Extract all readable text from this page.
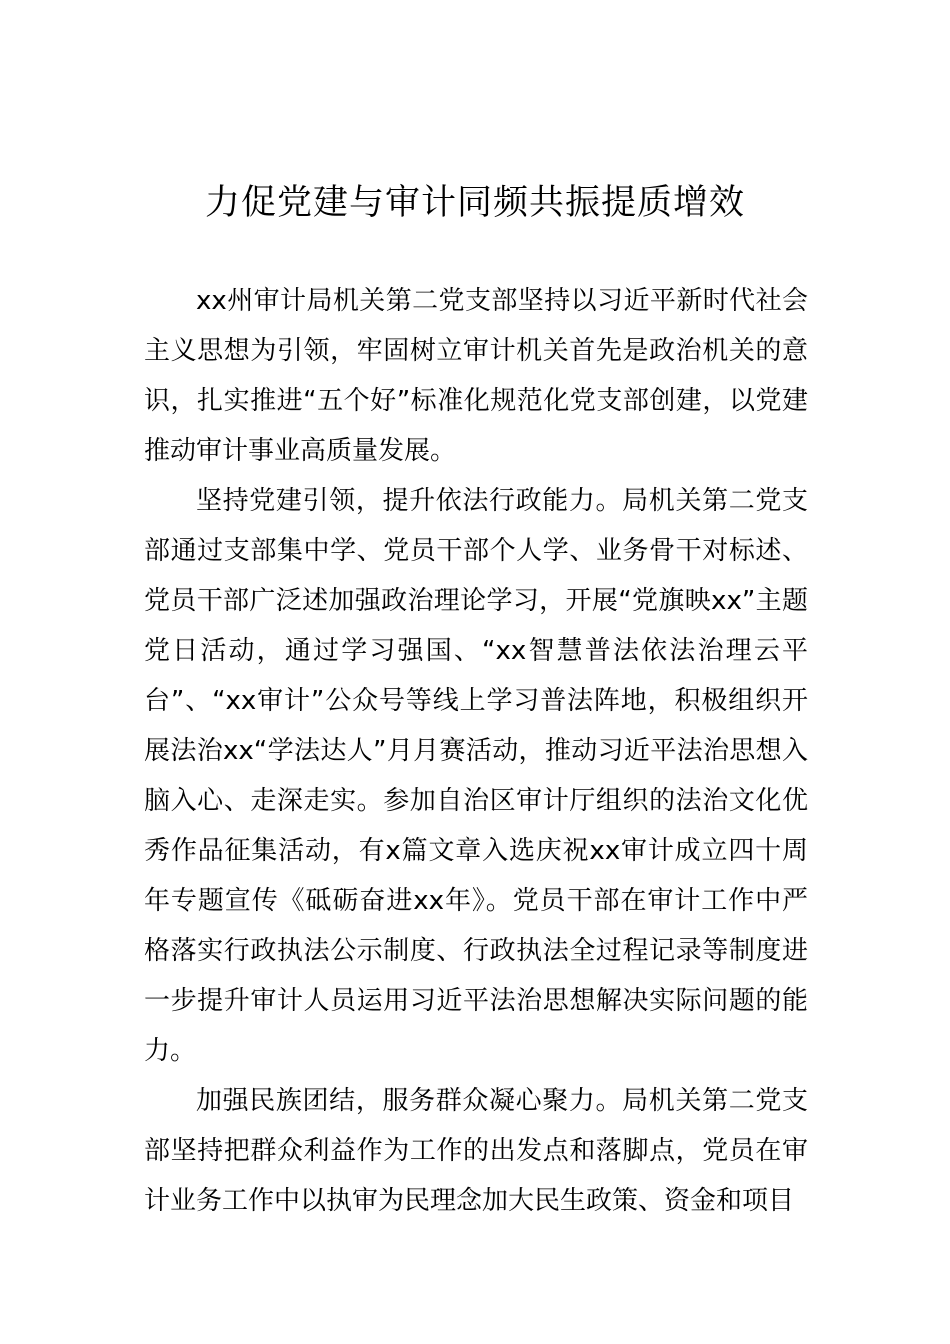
力促党建与审计同频共振提质增效

xx州审计局机关第二党支部坚持以习近平新时代社会主义思想为引领，牢固树立审计机关首先是政治机关的意识，扎实推进“五个好”标准化规范化党支部创建，以党建推动审计事业高质量发展。

坚持党建引领，提升依法行政能力。局机关第二党支部通过支部集中学、党员干部个人学、业务骨干对标述、党员干部广泛述加强政治理论学习，开展“党旗映xx”主题党日活动，通过学习强国、“xx智慧普法依法治理云平台”、“xx审计”公众号等线上学习普法阵地，积极组织开展法治xx“学法达人”月月赛活动，推动习近平法治思想入脑入心、走深走实。参加自治区审计厅组织的法治文化优秀作品征集活动，有x篇文章入选庆祝xx审计成立四十周年专题宣传《砥砺奋进xx年》。党员干部在审计工作中严格落实行政执法公示制度、行政执法全过程记录等制度进一步提升审计人员运用习近平法治思想解决实际问题的能力。

加强民族团结，服务群众凝心聚力。局机关第二党支部坚持把群众利益作为工作的出发点和落脚点，党员在审计业务工作中以执审为民理念加大民生政策、资金和项目
